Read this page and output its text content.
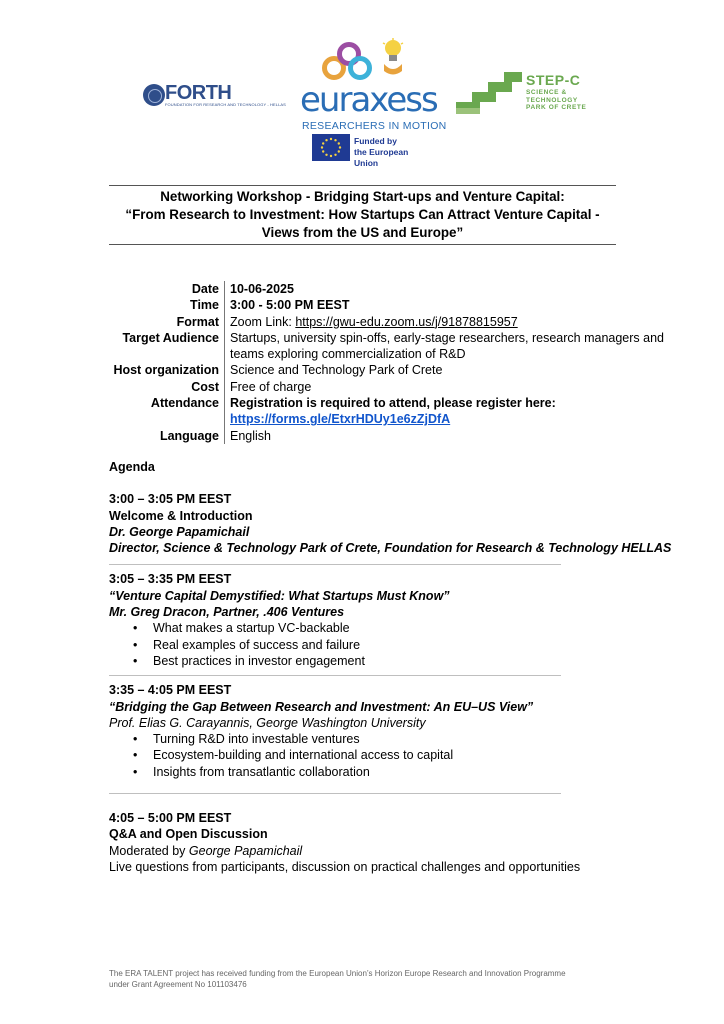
FORTH
FOUNDATION FOR RESEARCH AND TECHNOLOGY - HELLAS euraxess
RESEARCHERS IN MOTION
Funded by
the European Union
STEP-C
SCIENCE &
TECHNOLOGY
PARK OF CRETE
Networking Workshop - Bridging Start-ups and Venture Capital:
“From Research to Investment: How Startups Can Attract Venture Capital -
Views from the US and Europe”
Date 10-06-2025
Time 3:00 - 5:00 PM EEST
Format Zoom Link: https://gwu-edu.zoom.us/j/91878815957
Target Audience Startups, university spin-offs, early-stage researchers, research managers and
teams exploring commercialization of R&D
Host organization Science and Technology Park of Crete
Cost Free of charge
Attendance Registration is required to attend, please register here:
https://forms.gle/EtxrHDUy1e6zZjDfA
Language English
Agenda
3:00 – 3:05 PM EEST
Welcome & Introduction
Dr. George Papamichail
Director, Science & Technology Park of Crete, Foundation for Research & Technology HELLAS
3:05 – 3:35 PM EEST
“Venture Capital Demystified: What Startups Must Know”
Mr. Greg Dracon, Partner, .406 Ventures
• What makes a startup VC-backable
• Real examples of success and failure
• Best practices in investor engagement
3:35 – 4:05 PM EEST
“Bridging the Gap Between Research and Investment: An EU–US View”
Prof. Elias G. Carayannis, George Washington University
• Turning R&D into investable ventures
• Ecosystem-building and international access to capital
• Insights from transatlantic collaboration
4:05 – 5:00 PM EEST
Q&A and Open Discussion
Moderated by George Papamichail
Live questions from participants, discussion on practical challenges and opportunities
The ERA TALENT project has received funding from the European Union’s Horizon Europe Research and Innovation Programme
under Grant Agreement No 101103476
